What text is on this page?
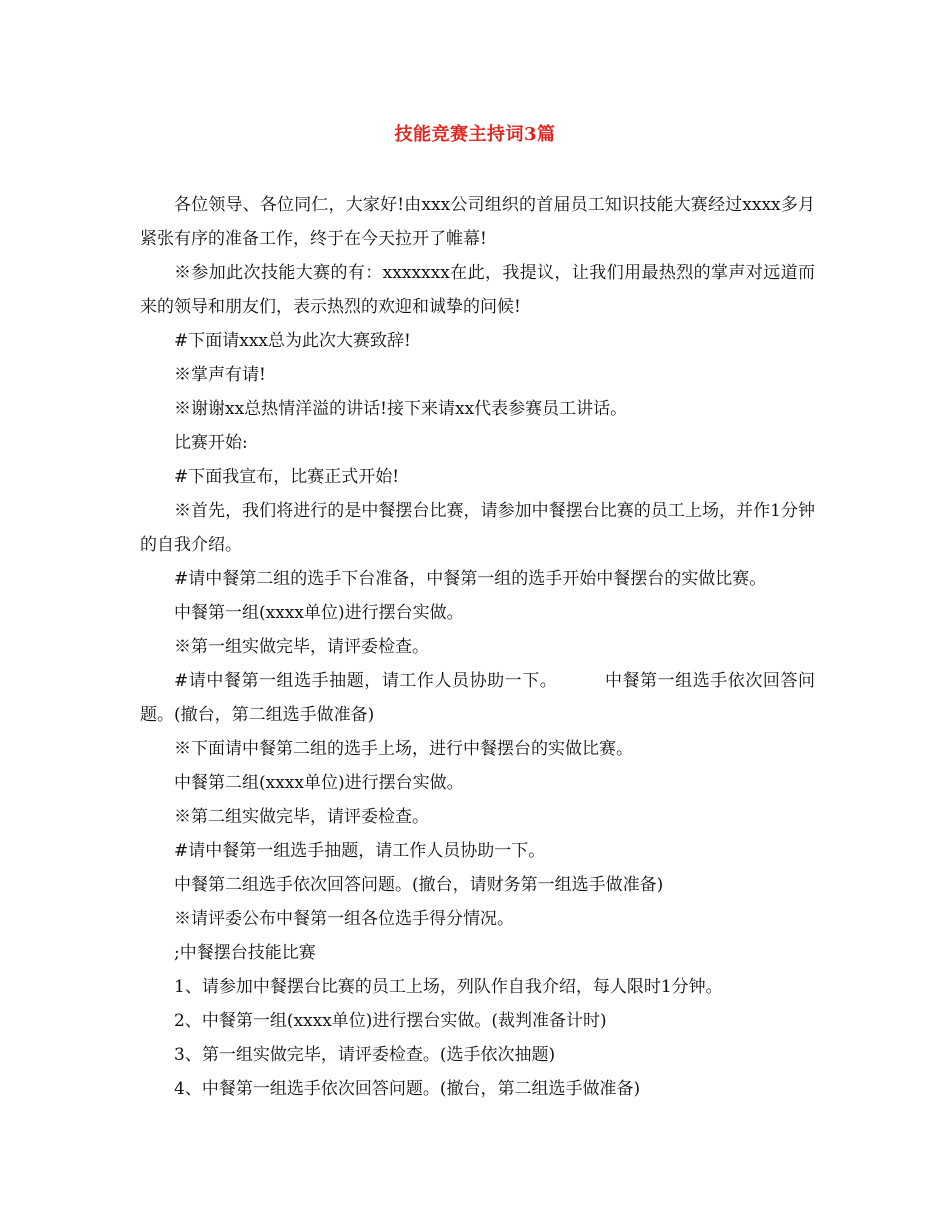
技能竞赛主持词3篇

各位领导、各位同仁，大家好!由xxx公司组织的首届员工知识技能大赛经过xxxx多月紧张有序的准备工作，终于在今天拉开了帷幕!

※参加此次技能大赛的有：xxxxxxx在此，我提议，让我们用最热烈的掌声对远道而来的领导和朋友们，表示热烈的欢迎和诚挚的问候!

#下面请xxx总为此次大赛致辞!

※掌声有请!

※谢谢xx总热情洋溢的讲话!接下来请xx代表参赛员工讲话。

比赛开始:

#下面我宣布，比赛正式开始!

※首先，我们将进行的是中餐摆台比赛，请参加中餐摆台比赛的员工上场，并作1分钟的自我介绍。

#请中餐第二组的选手下台准备，中餐第一组的选手开始中餐摆台的实做比赛。

中餐第一组(xxxx单位)进行摆台实做。

※第一组实做完毕，请评委检查。

#请中餐第一组选手抽题，请工作人员协助一下。        中餐第一组选手依次回答问题。(撤台，第二组选手做准备)

※下面请中餐第二组的选手上场，进行中餐摆台的实做比赛。

中餐第二组(xxxx单位)进行摆台实做。

※第二组实做完毕，请评委检查。

#请中餐第一组选手抽题，请工作人员协助一下。

中餐第二组选手依次回答问题。(撤台，请财务第一组选手做准备)

※请评委公布中餐第一组各位选手得分情况。

;中餐摆台技能比赛

1、请参加中餐摆台比赛的员工上场，列队作自我介绍，每人限时1分钟。

2、中餐第一组(xxxx单位)进行摆台实做。(裁判准备计时)

3、第一组实做完毕，请评委检查。(选手依次抽题)

4、中餐第一组选手依次回答问题。(撤台，第二组选手做准备)
